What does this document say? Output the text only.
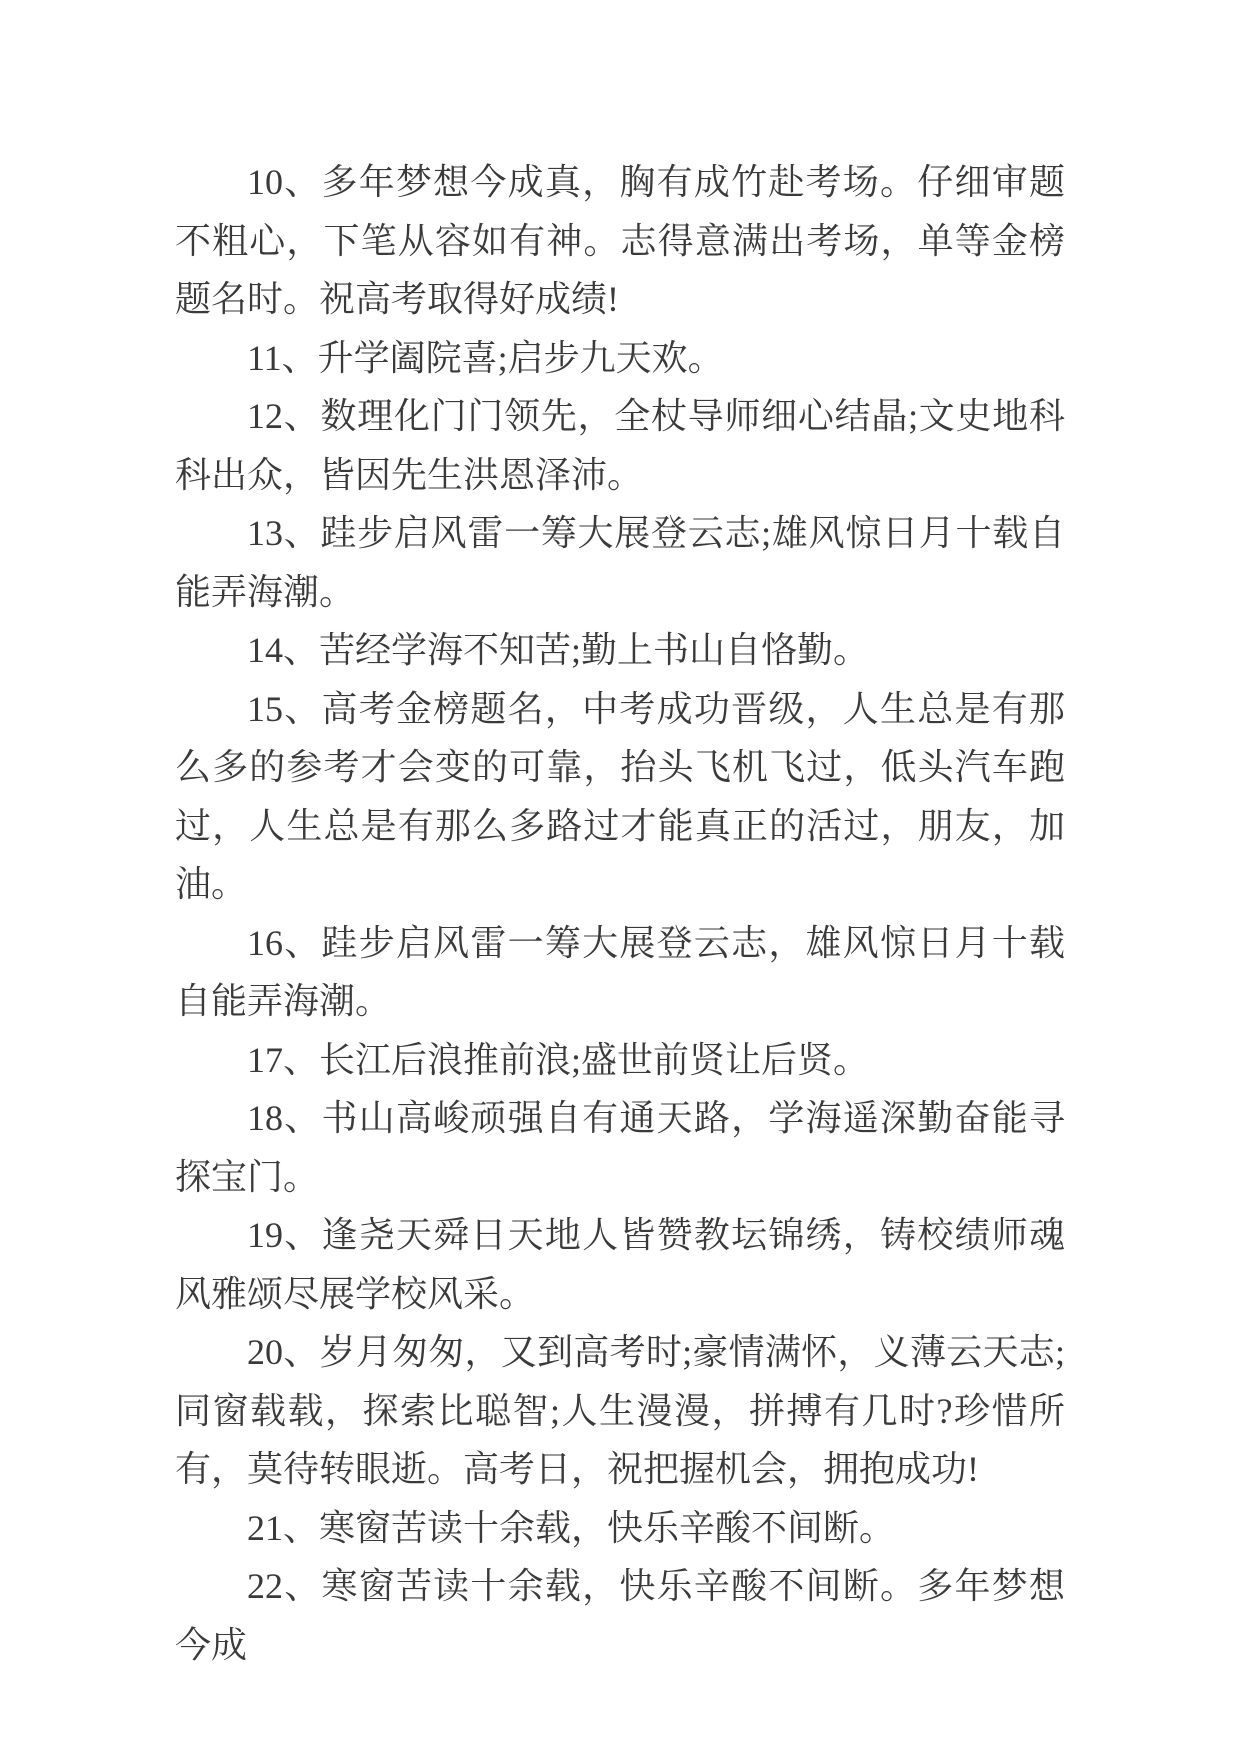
10、多年梦想今成真，胸有成竹赴考场。仔细审题不粗心，下笔从容如有神。志得意满出考场，单等金榜题名时。祝高考取得好成绩!

11、升学阖院喜;启步九天欢。

12、数理化门门领先，全杖导师细心结晶;文史地科科出众，皆因先生洪恩泽沛。

13、跬步启风雷一筹大展登云志;雄风惊日月十载自能弄海潮。

14、苦经学海不知苦;勤上书山自恪勤。

15、高考金榜题名，中考成功晋级，人生总是有那么多的参考才会变的可靠，抬头飞机飞过，低头汽车跑过，人生总是有那么多路过才能真正的活过，朋友，加油。

16、跬步启风雷一筹大展登云志，雄风惊日月十载自能弄海潮。

17、长江后浪推前浪;盛世前贤让后贤。

18、书山高峻顽强自有通天路，学海遥深勤奋能寻探宝门。

19、逢尧天舜日天地人皆赞教坛锦绣，铸校绩师魂风雅颂尽展学校风采。

20、岁月匆匆，又到高考时;豪情满怀，义薄云天志;同窗载载，探索比聪智;人生漫漫，拼搏有几时?珍惜所有，莫待转眼逝。高考日，祝把握机会，拥抱成功!

21、寒窗苦读十余载，快乐辛酸不间断。

22、寒窗苦读十余载，快乐辛酸不间断。多年梦想今成
